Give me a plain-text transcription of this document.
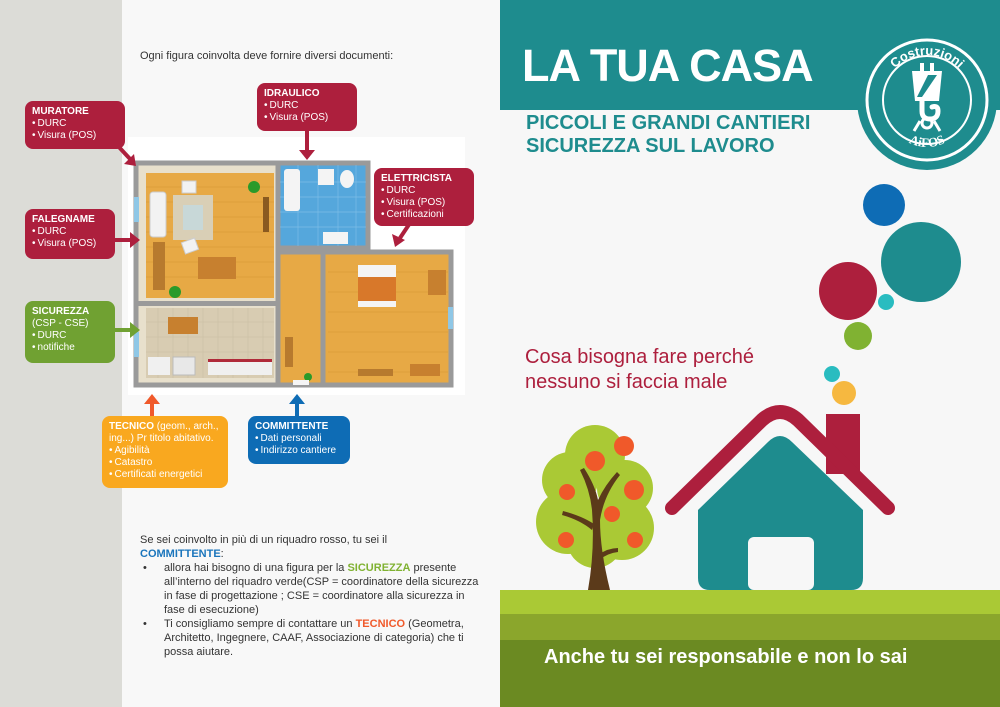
Ogni figura coinvolta deve fornire diversi documenti:
MURATORE
• DURC
• Visura (POS)
IDRAULICO
• DURC
• Visura (POS)
ELETTRICISTA
• DURC
• Visura (POS)
• Certificazioni
FALEGNAME
• DURC
• Visura (POS)
SICUREZZA
(CSP - CSE)
• DURC
• notifiche
TECNICO (geom., arch., ing...) Pr titolo abitativo.
• Agibilità
• Catastro
• Certificati energetici
COMMITTENTE
• Dati personali
• Indirizzo cantiere
Se sei coinvolto in più di un riquadro rosso, tu sei il
COMMITTENTE:
• allora hai bisogno di una figura per la SICUREZZA presente all’interno del riquadro verde(CSP = coordinatore della sicurezza in fase di progettazione ; CSE = coordinatore alla sicurezza in fase di esecuzione)
• Ti consigliamo sempre di contattare un TECNICO (Geometra, Architetto, Ingegnere, CAAF, Associazione di categoria) che ti possa aiutare.
LA TUA CASA
PICCOLI E GRANDI CANTIERI
SICUREZZA SUL LAVORO
Costruzioni
AiFOS
Cosa bisogna fare perché
nessuno si faccia male
Anche tu sei responsabile e non lo sai
